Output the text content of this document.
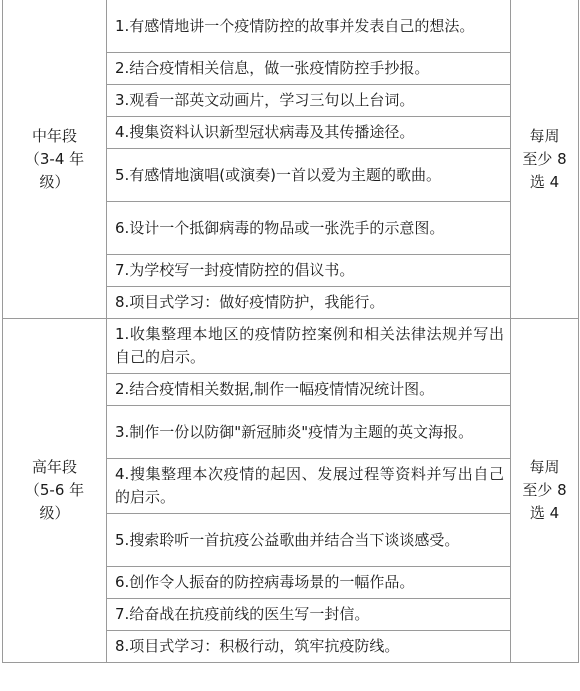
中年段
（3-4 年
级）	1.有感情地讲一个疫情防控的故事并发表自己的想法。	每周
至少 8
选 4

	2.结合疫情相关信息，做一张疫情防控手抄报。	
	3.观看一部英文动画片，学习三句以上台词。	
	4.搜集资料认识新型冠状病毒及其传播途径。	
	5.有感情地演唱(或演奏)一首以爱为主题的歌曲。	
	6.设计一个抵御病毒的物品或一张洗手的示意图。	
	7.为学校写一封疫情防控的倡议书。	
	8.项目式学习：做好疫情防护，我能行。	

高年段
（5-6 年
级）	1.收集整理本地区的疫情防控案例和相关法律法规并写出自己的启示。	每周
至少 8
选 4

	2.结合疫情相关数据,制作一幅疫情情况统计图。	
	3.制作一份以防御"新冠肺炎"疫情为主题的英文海报。	
	4.搜集整理本次疫情的起因、发展过程等资料并写出自己的启示。	
	5.搜索聆听一首抗疫公益歌曲并结合当下谈谈感受。	
	6.创作令人振奋的防控病毒场景的一幅作品。	
	7.给奋战在抗疫前线的医生写一封信。	
	8.项目式学习：积极行动，筑牢抗疫防线。	
